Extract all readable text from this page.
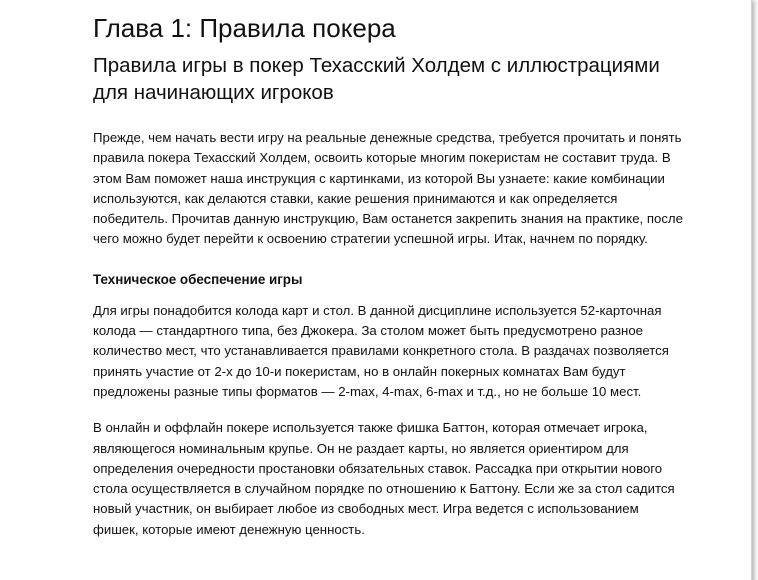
Глава 1: Правила покера
Правила игры в покер Техасский Холдем с иллюстрациями для начинающих игроков

Прежде, чем начать вести игру на реальные денежные средства, требуется прочитать и понять правила покера Техасский Холдем, освоить которые многим покеристам не составит труда. В этом Вам поможет наша инструкция с картинками, из которой Вы узнаете: какие комбинации используются, как делаются ставки, какие решения принимаются и как определяется победитель. Прочитав данную инструкцию, Вам останется закрепить знания на практике, после чего можно будет перейти к освоению стратегии успешной игры. Итак, начнем по порядку.

Техническое обеспечение игры

Для игры понадобится колода карт и стол. В данной дисциплине используется 52-карточная колода — стандартного типа, без Джокера. За столом может быть предусмотрено разное количество мест, что устанавливается правилами конкретного стола. В раздачах позволяется принять участие от 2-х до 10-и покеристам, но в онлайн покерных комнатах Вам будут предложены разные типы форматов — 2-max, 4-max, 6-max и т.д., но не больше 10 мест.

В онлайн и оффлайн покере используется также фишка Баттон, которая отмечает игрока, являющегося номинальным крупье. Он не раздает карты, но является ориентиром для определения очередности простановки обязательных ставок. Рассадка при открытии нового стола осуществляется в случайном порядке по отношению к Баттону. Если же за стол садится новый участник, он выбирает любое из свободных мест. Игра ведется с использованием фишек, которые имеют денежную ценность.
